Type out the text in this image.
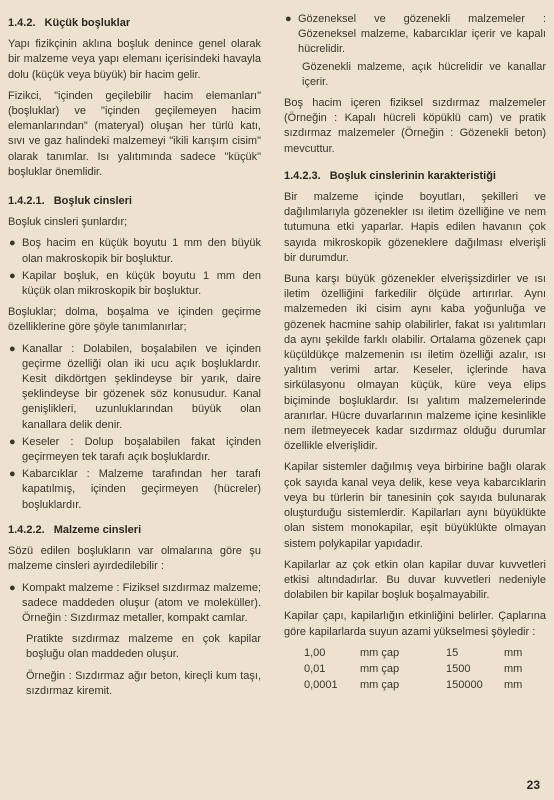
1.4.2. Küçük boşluklar

Yapı fizikçinin aklına boşluk denince genel olarak bir malzeme veya yapı elemanı içerisindeki havayla dolu (küçük veya büyük) bir hacim gelir.

Fizikci, "içinden geçilebilir hacim elemanları" (boşluklar) ve "içinden geçilemeyen hacim elemanlarından" (materyal) oluşan her türlü katı, sıvı ve gaz halindeki malzemeyi "ikili karışım cisim" olarak tanımlar. Isı yalıtımında sadece "küçük" boşluklar önemlidir.

1.4.2.1. Boşluk cinsleri

Boşluk cinsleri şunlardır;

● Boş hacim en küçük boyutu 1 mm den büyük olan makroskopik bir boşluktur.
● Kapilar boşluk, en küçük boyutu 1 mm den küçük olan mikroskopik bir boşluktur.

Boşluklar; dolma, boşalma ve içinden geçirme özelliklerine göre şöyle tanımlanırlar;

● Kanallar : Dolabilen, boşalabilen ve içinden geçirme özelliği olan iki ucu açık boşluklardır. Kesit dikdörtgen şeklindeyse bir yarık, daire şeklindeyse bir gözenek söz konusudur. Kanal genişlikleri, uzunluklarından büyük olan kanallara delik denir.
● Keseler : Dolup boşalabilen fakat içinden geçirmeyen tek tarafı açık boşluklardır.
● Kabarcıklar : Malzeme tarafından her tarafı kapatılmış, içinden geçirmeyen (hücreler) boşluklardır.
1.4.2.2. Malzeme cinsleri

Sözü edilen boşlukların var olmalarına göre şu malzeme cinsleri ayırdedilebilir :

● Kompakt malzeme : Fiziksel sızdırmaz malzeme; sadece maddeden oluşur (atom ve moleküller). Örneğin : Sızdırmaz metaller, kompakt camlar.

Pratikte sızdırmaz malzeme en çok kapilar boşluğu olan maddeden oluşur.

Örneğin : Sızdırmaz ağır beton, kireçli kum taşı, sızdırmaz kiremit.

● Gözeneksel ve gözenekli malzemeler : Gözeneksel malzeme, kabarcıklar içerir ve kapalı hücrelidir.

Gözenekli malzeme, açık hücrelidir ve kanallar içerir.

Boş hacim içeren fiziksel sızdırmaz malzemeler (Örneğin : Kapalı hücreli köpüklü cam) ve pratik sızdırmaz malzemeler (Örneğin : Gözenekli beton) mevcuttur.

1.4.2.3. Boşluk cinslerinin karakteristiği

Bir malzeme içinde boyutları, şekilleri ve dağılımlarıyla gözenekler ısı iletim özelliğine ve nem tutumuna etki yaparlar. Hapis edilen havanın çok sayıda mikroskopik gözeneklere dağılması elverişli bir durumdur.

Buna karşı büyük gözenekler elverişsizdirler ve ısı iletim özelliğini farkedilir ölçüde artırırlar. Aynı malzemeden iki cisim aynı kaba yoğunluğa ve gözenek hacmine sahip olabilirler, fakat ısı yalıtımları da aynı şekilde farklı olabilir. Ortalama gözenek çapı küçüldükçe malzemenin ısı iletim özelliği azalır, ısı yalıtım verimi artar. Keseler, içlerinde hava sirkülasyonu olmayan küçük, küre veya elips biçiminde boşluklardır. Isı yalıtım malzemelerinde aranırlar. Hücre duvarlarının malzeme içine kesinlikle nem iletmeyecek kadar sızdırmaz olduğu durumlar özellikle elverişlidir.

Kapilar sistemler dağılmış veya birbirine bağlı olarak çok sayıda kanal veya delik, kese veya kabarcıklarin veya bu türlerin bir tanesinin çok sayıda bulunarak oluşturduğu sistemlerdir. Kapilarları aynı büyüklükte olan sistem monokapilar, eşit büyüklükte olmayan sistem polykapilar yapıdadır.

Kapilarlar az çok etkin olan kapilar duvar kuvvetleri etkisi altındadırlar. Bu duvar kuvvetleri nedeniyle dolabilen bir kapilar boşluk boşalmayabilir.

Kapilar çapı, kapilarlığın etkinliğini belirler. Çaplarına göre kapilarlarda suyun azami yükselmesi şöyledir :

1,00	mm çap	15	mm
0,01	mm çap	1500	mm
0,0001	mm çap	150000	mm
23
